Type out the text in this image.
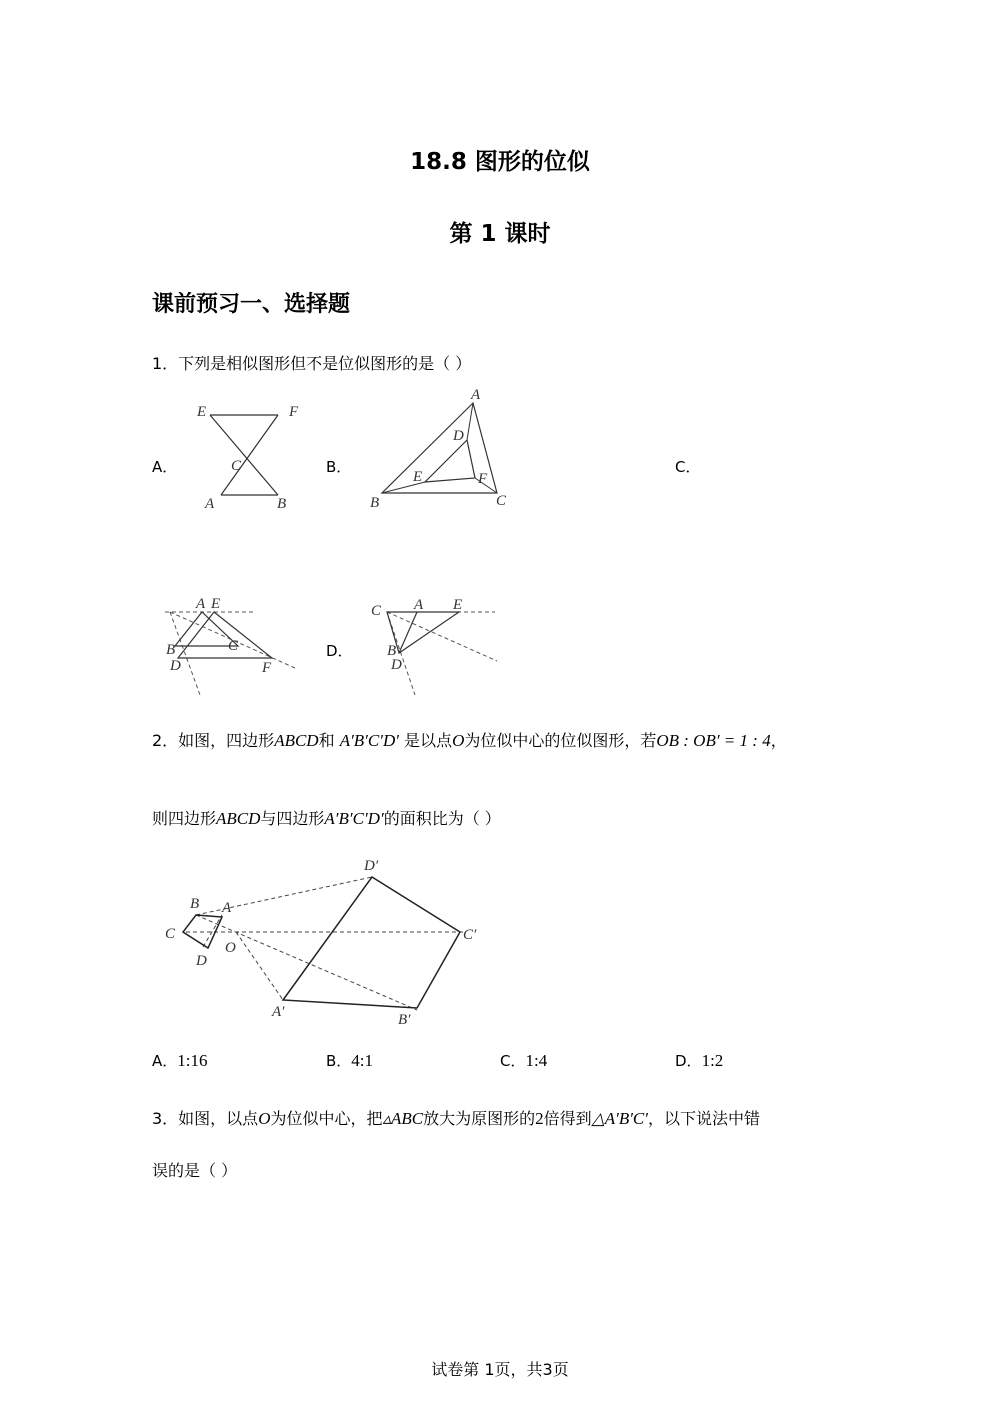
18.8 图形的位似
第 1 课时
课前预习一、选择题
1．下列是相似图形但不是位似图形的是（ ）
A．
E	F
C
A	B
B．
A
D
E	F
B	C
C．
A E
B	C
D	F
D．
C A E
B
D
2．如图，四边形ABCD和 A′B′C′D′ 是以点O为位似中心的位似图形，若OB : OB′ = 1 : 4，
则四边形ABCD与四边形A′B′C′D′的面积比为（ ）
B A
C
O
D
D′
C′
A′	B′
A．1:16	B．4:1	C．1:4	D．1:2
3．如图，以点O为位似中心，把▵ABC放大为原图形的2倍得到△A′B′C′，以下说法中错
误的是（ ）
试卷第 1页，共3页
